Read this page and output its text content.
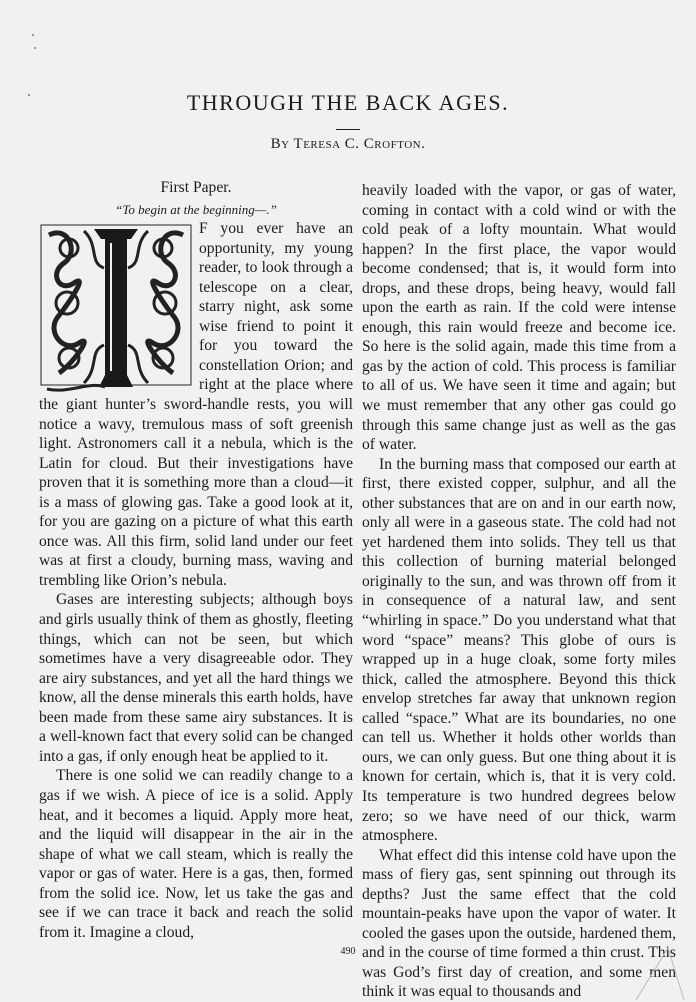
THROUGH THE BACK AGES.
By Teresa C. Crofton.
First Paper.
“To begin at the beginning—.”

F you ever have an opportunity, my young reader, to look through a telescope on a clear, starry night, ask some wise friend to point it for you toward the constellation Orion; and right at the place where the giant hunter’s sword-handle rests, you will notice a wavy, tremulous mass of soft greenish light. Astronomers call it a nebula, which is the Latin for cloud. But their investigations have proven that it is something more than a cloud—it is a mass of glowing gas. Take a good look at it, for you are gazing on a picture of what this earth once was. All this firm, solid land under our feet was at first a cloudy, burning mass, waving and trembling like Orion’s nebula.

Gases are interesting subjects; although boys and girls usually think of them as ghostly, fleeting things, which can not be seen, but which sometimes have a very disagreeable odor. They are airy substances, and yet all the hard things we know, all the dense minerals this earth holds, have been made from these same airy substances. It is a well-known fact that every solid can be changed into a gas, if only enough heat be applied to it.

There is one solid we can readily change to a gas if we wish. A piece of ice is a solid. Apply heat, and it becomes a liquid. Apply more heat, and the liquid will disappear in the air in the shape of what we call steam, which is really the vapor or gas of water. Here is a gas, then, formed from the solid ice. Now, let us take the gas and see if we can trace it back and reach the solid from it. Imagine a cloud,

heavily loaded with the vapor, or gas of water, coming in contact with a cold wind or with the cold peak of a lofty mountain. What would happen? In the first place, the vapor would become condensed; that is, it would form into drops, and these drops, being heavy, would fall upon the earth as rain. If the cold were intense enough, this rain would freeze and become ice. So here is the solid again, made this time from a gas by the action of cold. This process is familiar to all of us. We have seen it time and again; but we must remember that any other gas could go through this same change just as well as the gas of water.

In the burning mass that composed our earth at first, there existed copper, sulphur, and all the other substances that are on and in our earth now, only all were in a gaseous state. The cold had not yet hardened them into solids. They tell us that this collection of burning material belonged originally to the sun, and was thrown off from it in consequence of a natural law, and sent “whirling in space.” Do you understand what that word “space” means? This globe of ours is wrapped up in a huge cloak, some forty miles thick, called the atmosphere. Beyond this thick envelop stretches far away that unknown region called “space.” What are its boundaries, no one can tell us. Whether it holds other worlds than ours, we can only guess. But one thing about it is known for certain, which is, that it is very cold. Its temperature is two hundred degrees below zero; so we have need of our thick, warm atmosphere.

What effect did this intense cold have upon the mass of fiery gas, sent spinning out through its depths? Just the same effect that the cold mountain-peaks have upon the vapor of water. It cooled the gases upon the outside, hardened them, and in the course of time formed a thin crust. This was God’s first day of creation, and some men think it was equal to thousands and

490
